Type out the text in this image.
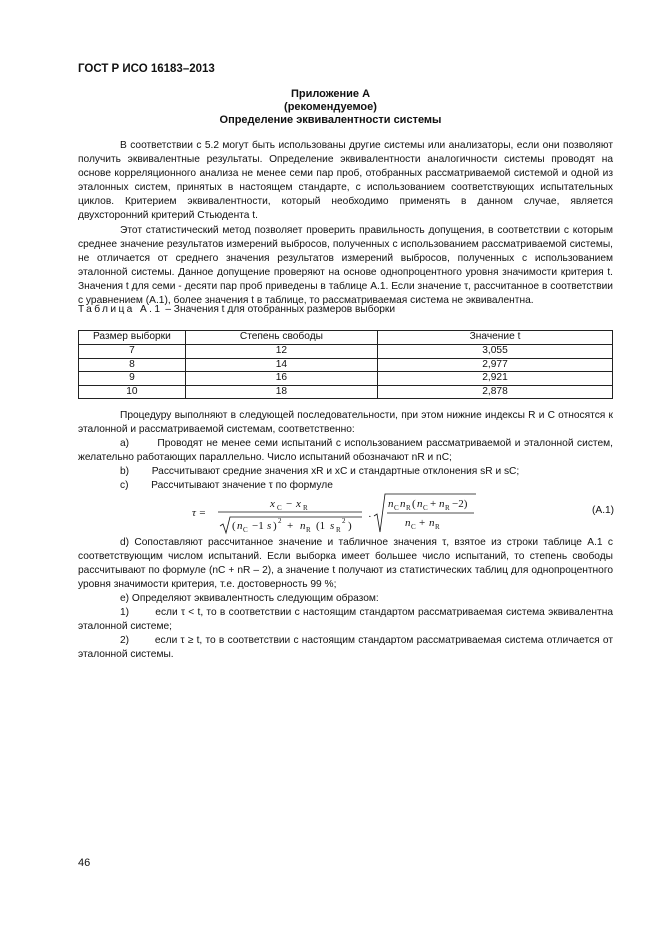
ГОСТ Р ИСО 16183–2013
Приложение А
(рекомендуемое)
Определение эквивалентности системы

В соответствии с 5.2 могут быть использованы другие системы или анализаторы, если они позволяют получить эквивалентные результаты. Определение эквивалентности аналогичности системы проводят на основе корреляционного анализа не менее семи пар проб, отобранных рассматриваемой системой и одной из эталонных систем, принятых в настоящем стандарте, с использованием соответствующих испытательных циклов. Критерием эквивалентности, который необходимо применять в данном случае, является двухсторонний критерий Стьюдента t.

Этот статистический метод позволяет проверить правильность допущения, в соответствии с которым среднее значение результатов измерений выбросов, полученных с использованием рассматриваемой системы, не отличается от среднего значения результатов измерений выбросов, полученных с использованием эталонной системы. Данное допущение проверяют на основе однопроцентного уровня значимости критерия t. Значения t для семи - десяти пар проб приведены в таблице А.1. Если значение τ, рассчитанное в соответствии с уравнением (А.1), более значения t в таблице, то рассматриваемая система не эквивалентна.

Таблица А.1 – Значения t для отобранных размеров выборки
Размер выборки	Степень свободы	Значение t
7	12	3,055
8	14	2,977
9	16	2,921
10	18	2,878

Процедуру выполняют в следующей последовательности, при этом нижние индексы R и C относятся к эталонной и рассматриваемой системам, соответственно:

а)        Проводят не менее семи испытаний с использованием рассматриваемой и эталонной систем, желательно работающих параллельно. Число испытаний обозначают nR и nC;

b)        Рассчитывают средние значения xR и xC и стандартные отклонения sR и sC;

c)        Рассчитывают значение τ по формуле

τ =
x C − x R
( n C −1 s ) 2 + n R (1 s R
2 )
·
n C n R ( n C + n R −2)
n C + n R
(А.1)

d) Сопоставляют рассчитанное значение и табличное значения τ, взятое из строки таблице А.1 с соответствующим числом испытаний. Если выборка имеет большее число испытаний, то степень свободы рассчитывают по формуле (nC + nR – 2), а значение t получают из статистических таблиц для однопроцентного уровня значимости критерия, т.е. достоверность 99 %;

е) Определяют эквивалентность следующим образом:

1)        если τ < t, то в соответствии с настоящим стандартом рассматриваемая система эквивалентна эталонной системе;

2)        если τ ≥ t, то в соответствии с настоящим стандартом рассматриваемая система отличается от эталонной системы.

46
